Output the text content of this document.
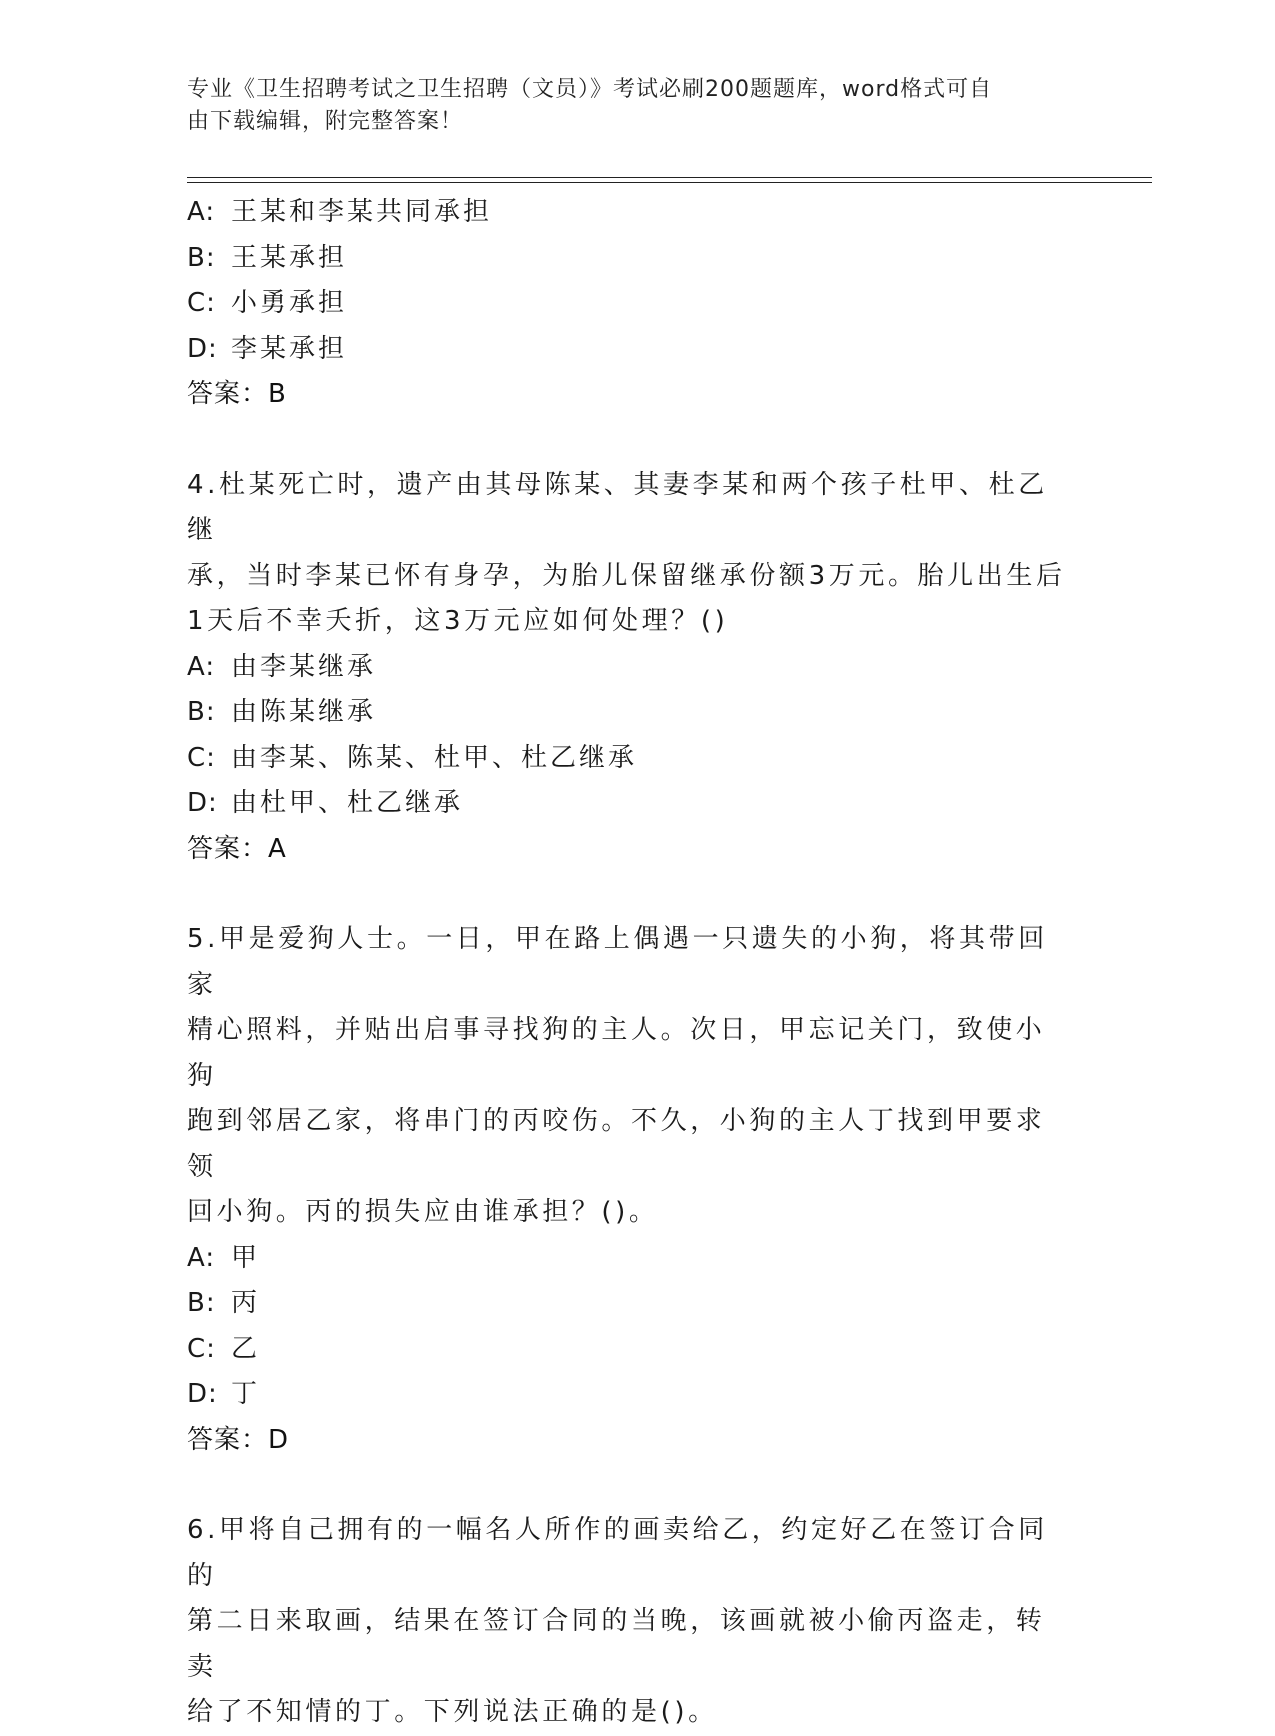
专业《卫生招聘考试之卫生招聘（文员）》考试必刷200题题库，word格式可自
由下载编辑，附完整答案！
A: 王某和李某共同承担
B: 王某承担
C: 小勇承担
D: 李某承担
答案：B
4.杜某死亡时，遗产由其母陈某、其妻李某和两个孩子杜甲、杜乙继
承，当时李某已怀有身孕，为胎儿保留继承份额3万元。胎儿出生后
1天后不幸夭折，这3万元应如何处理？()
A: 由李某继承
B: 由陈某继承
C: 由李某、陈某、杜甲、杜乙继承
D: 由杜甲、杜乙继承
答案：A
5.甲是爱狗人士。一日，甲在路上偶遇一只遗失的小狗，将其带回家
精心照料，并贴出启事寻找狗的主人。次日，甲忘记关门，致使小狗
跑到邻居乙家，将串门的丙咬伤。不久，小狗的主人丁找到甲要求领
回小狗。丙的损失应由谁承担？()。
A: 甲
B: 丙
C: 乙
D: 丁
答案：D
6.甲将自己拥有的一幅名人所作的画卖给乙，约定好乙在签订合同的
第二日来取画，结果在签订合同的当晚，该画就被小偷丙盗走，转卖
给了不知情的丁。下列说法正确的是()。
